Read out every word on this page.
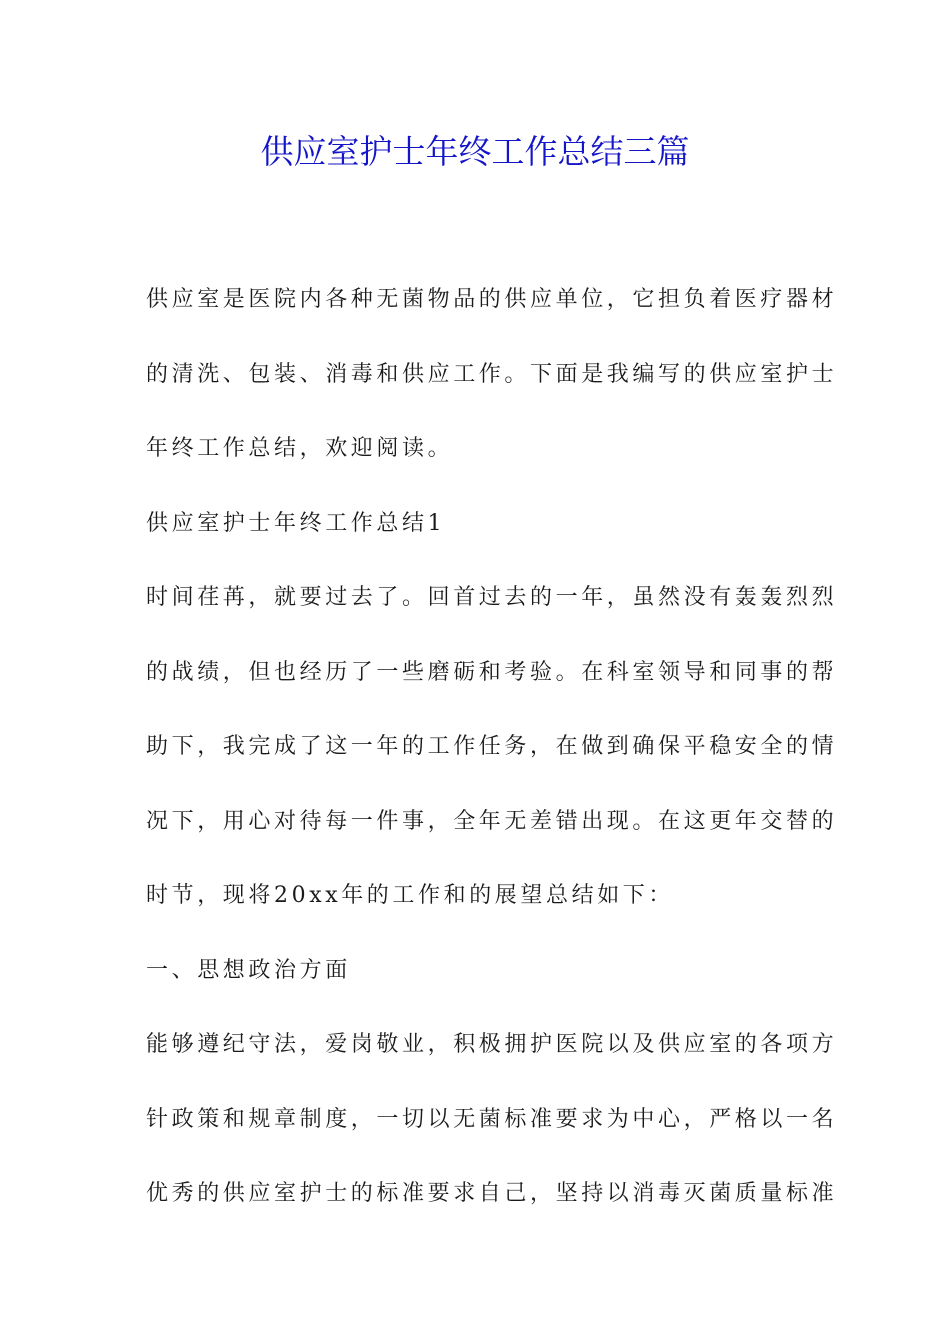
供应室护士年终工作总结三篇
供应室是医院内各种无菌物品的供应单位，它担负着医疗器材
的清洗、包装、消毒和供应工作。下面是我编写的供应室护士
年终工作总结，欢迎阅读。
供应室护士年终工作总结1
时间荏苒，就要过去了。回首过去的一年，虽然没有轰轰烈烈
的战绩，但也经历了一些磨砺和考验。在科室领导和同事的帮
助下，我完成了这一年的工作任务，在做到确保平稳安全的情
况下，用心对待每一件事，全年无差错出现。在这更年交替的
时节，现将20xx年的工作和的展望总结如下：
一、思想政治方面
能够遵纪守法，爱岗敬业，积极拥护医院以及供应室的各项方
针政策和规章制度，一切以无菌标准要求为中心，严格以一名
优秀的供应室护士的标准要求自己，坚持以消毒灭菌质量标准
